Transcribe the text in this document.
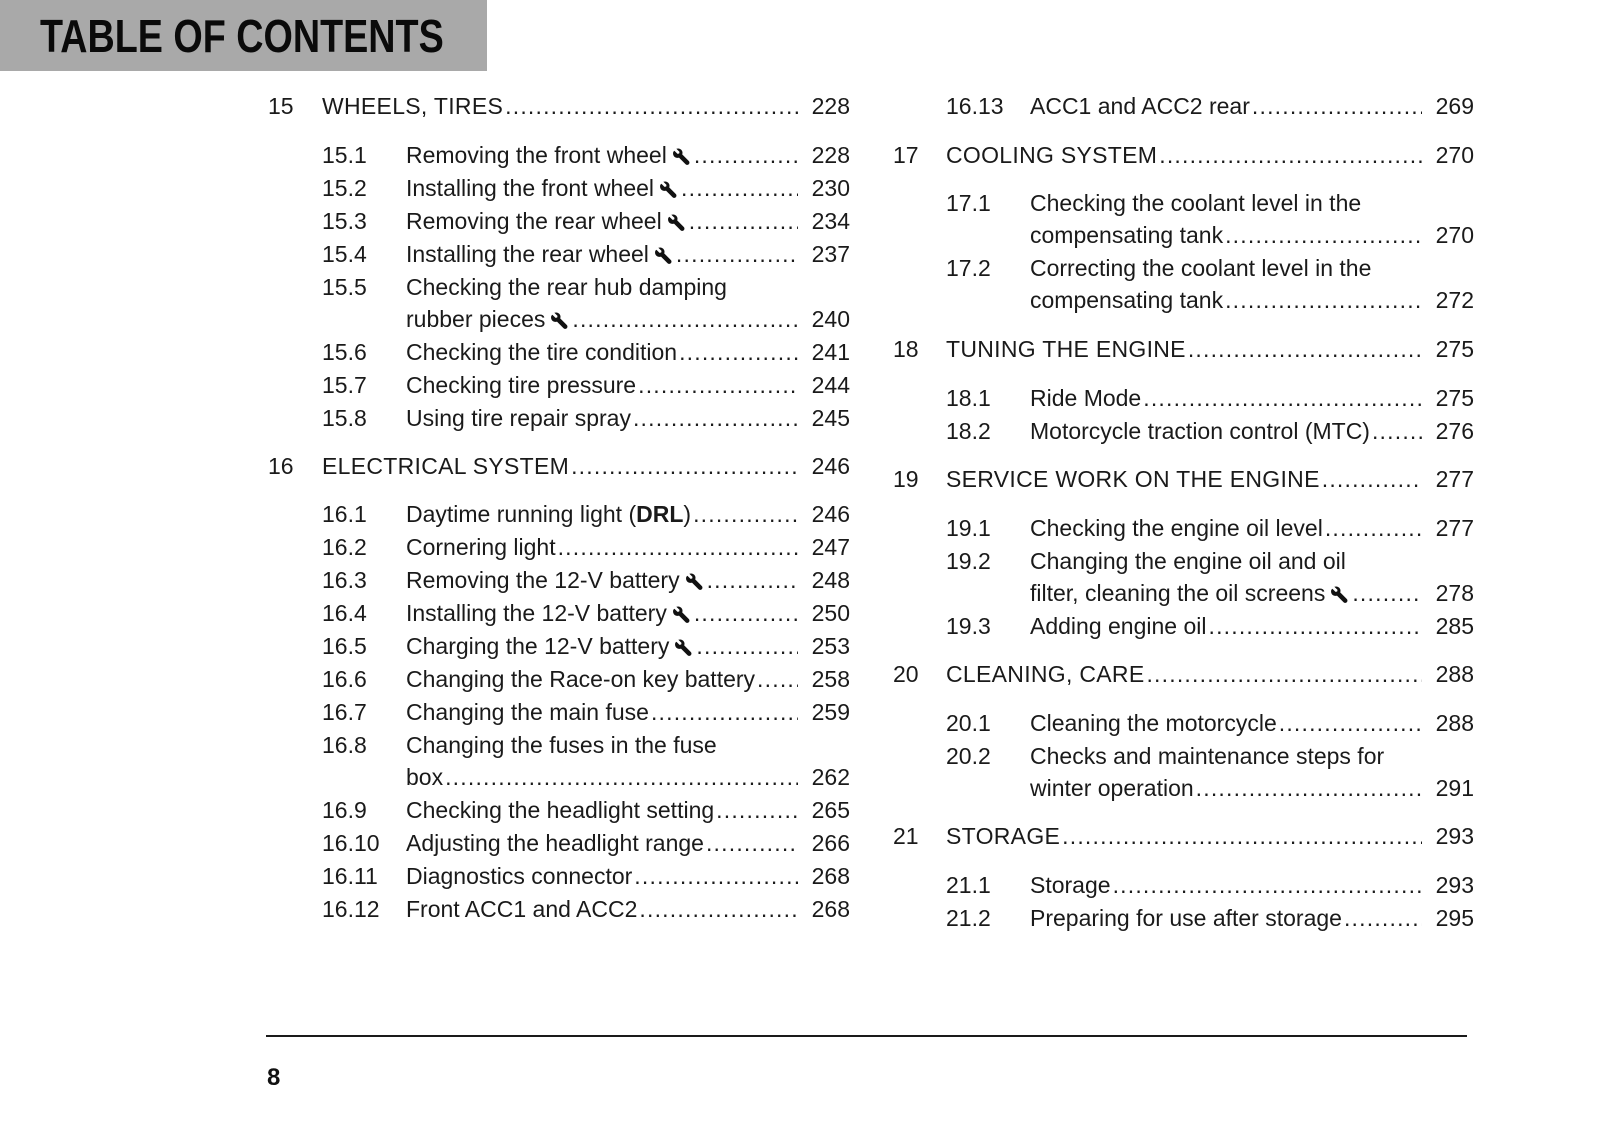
TABLE OF CONTENTS
15 WHEELS, TIRES .....	228
15.1 Removing the front wheel .....	228
15.2 Installing the front wheel .....	230
15.3 Removing the rear wheel .....	234
15.4 Installing the rear wheel .....	237
15.5 Checking the rear hub damping
rubber pieces .....	240
15.6 Checking the tire condition .....	241
15.7 Checking tire pressure .....	244
15.8 Using tire repair spray .....	245
16 ELECTRICAL SYSTEM .....	246
16.1 Daytime running light (DRL) .....	246
16.2 Cornering light .....	247
16.3 Removing the 12-V battery .....	248
16.4 Installing the 12-V battery .....	250
16.5 Charging the 12-V battery .....	253
16.6 Changing the Race-on key battery ..... 258
16.7 Changing the main fuse .....	259
16.8 Changing the fuses in the fuse
box .....	262
16.9 Checking the headlight setting .....	265
16.10 Adjusting the headlight range .....	266
16.11 Diagnostics connector .....	268
16.12 Front ACC1 and ACC2 .....	268
16.13 ACC1 and ACC2 rear .....	269
17 COOLING SYSTEM .....	270
17.1 Checking the coolant level in the
compensating tank .....	270
17.2 Correcting the coolant level in the
compensating tank .....	272
18 TUNING THE ENGINE .....	275
18.1 Ride Mode .....	275
18.2 Motorcycle traction control (MTC) .....	276
19 SERVICE WORK ON THE ENGINE .....	277
19.1 Checking the engine oil level .....	277
19.2 Changing the engine oil and oil
filter, cleaning the oil screens .....	278
19.3 Adding engine oil .....	285
20 CLEANING, CARE .....	288
20.1 Cleaning the motorcycle .....	288
20.2 Checks and maintenance steps for
winter operation .....	291
21 STORAGE .....	293
21.1 Storage .....	293
21.2 Preparing for use after storage .....	295
8
